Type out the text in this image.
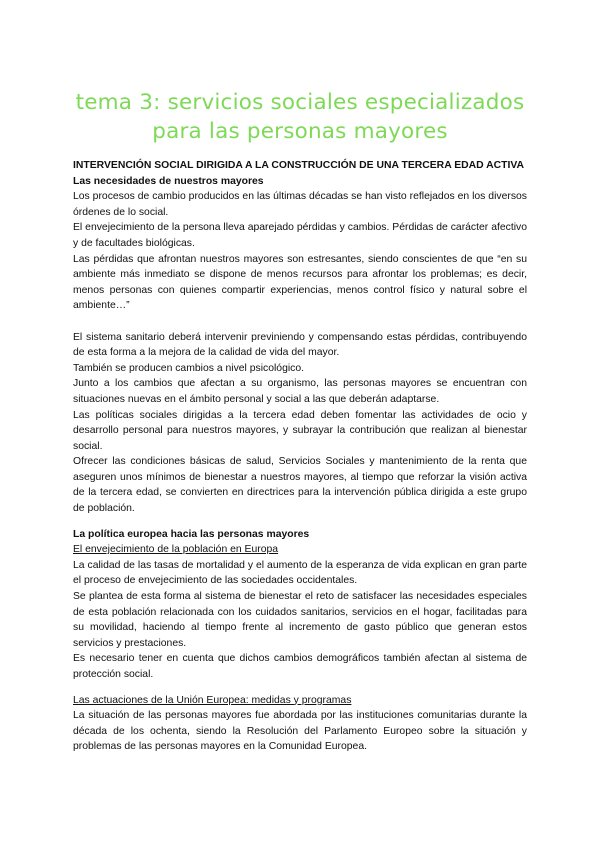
tema 3: servicios sociales especializados
para las personas mayores

INTERVENCIÓN SOCIAL DIRIGIDA A LA CONSTRUCCIÓN DE UNA TERCERA EDAD ACTIVA

Las necesidades de nuestros mayores

Los procesos de cambio producidos en las últimas décadas se han visto reflejados en los diversos órdenes de lo social.

El envejecimiento de la persona lleva aparejado pérdidas y cambios. Pérdidas de carácter afectivo y de facultades biológicas.

Las pérdidas que afrontan nuestros mayores son estresantes, siendo conscientes de que “en su ambiente más inmediato se dispone de menos recursos para afrontar los problemas; es decir, menos personas con quienes compartir experiencias, menos control físico y natural sobre el ambiente…”

El sistema sanitario deberá intervenir previniendo y compensando estas pérdidas, contribuyendo de esta forma a la mejora de la calidad de vida del mayor.

También se producen cambios a nivel psicológico.

Junto a los cambios que afectan a su organismo, las personas mayores se encuentran con situaciones nuevas en el ámbito personal y social a las que deberán adaptarse.

Las políticas sociales dirigidas a la tercera edad deben fomentar las actividades de ocio y desarrollo personal para nuestros mayores, y subrayar la contribución que realizan al bienestar social.

Ofrecer las condiciones básicas de salud, Servicios Sociales y mantenimiento de la renta que aseguren unos mínimos de bienestar a nuestros mayores, al tiempo que reforzar la visión activa de la tercera edad, se convierten en directrices para la intervención pública dirigida a este grupo de población.

La política europea hacia las personas mayores

El envejecimiento de la población en Europa

La calidad de las tasas de mortalidad y el aumento de la esperanza de vida explican en gran parte el proceso de envejecimiento de las sociedades occidentales.

Se plantea de esta forma al sistema de bienestar el reto de satisfacer las necesidades especiales de esta población relacionada con los cuidados sanitarios, servicios en el hogar, facilitadas para su movilidad, haciendo al tiempo frente al incremento de gasto público que generan estos servicios y prestaciones.

Es necesario tener en cuenta que dichos cambios demográficos también afectan al sistema de protección social.

Las actuaciones de la Unión Europea: medidas y programas

La situación de las personas mayores fue abordada por las instituciones comunitarias durante la década de los ochenta, siendo la Resolución del Parlamento Europeo sobre la situación y problemas de las personas mayores en la Comunidad Europea.
